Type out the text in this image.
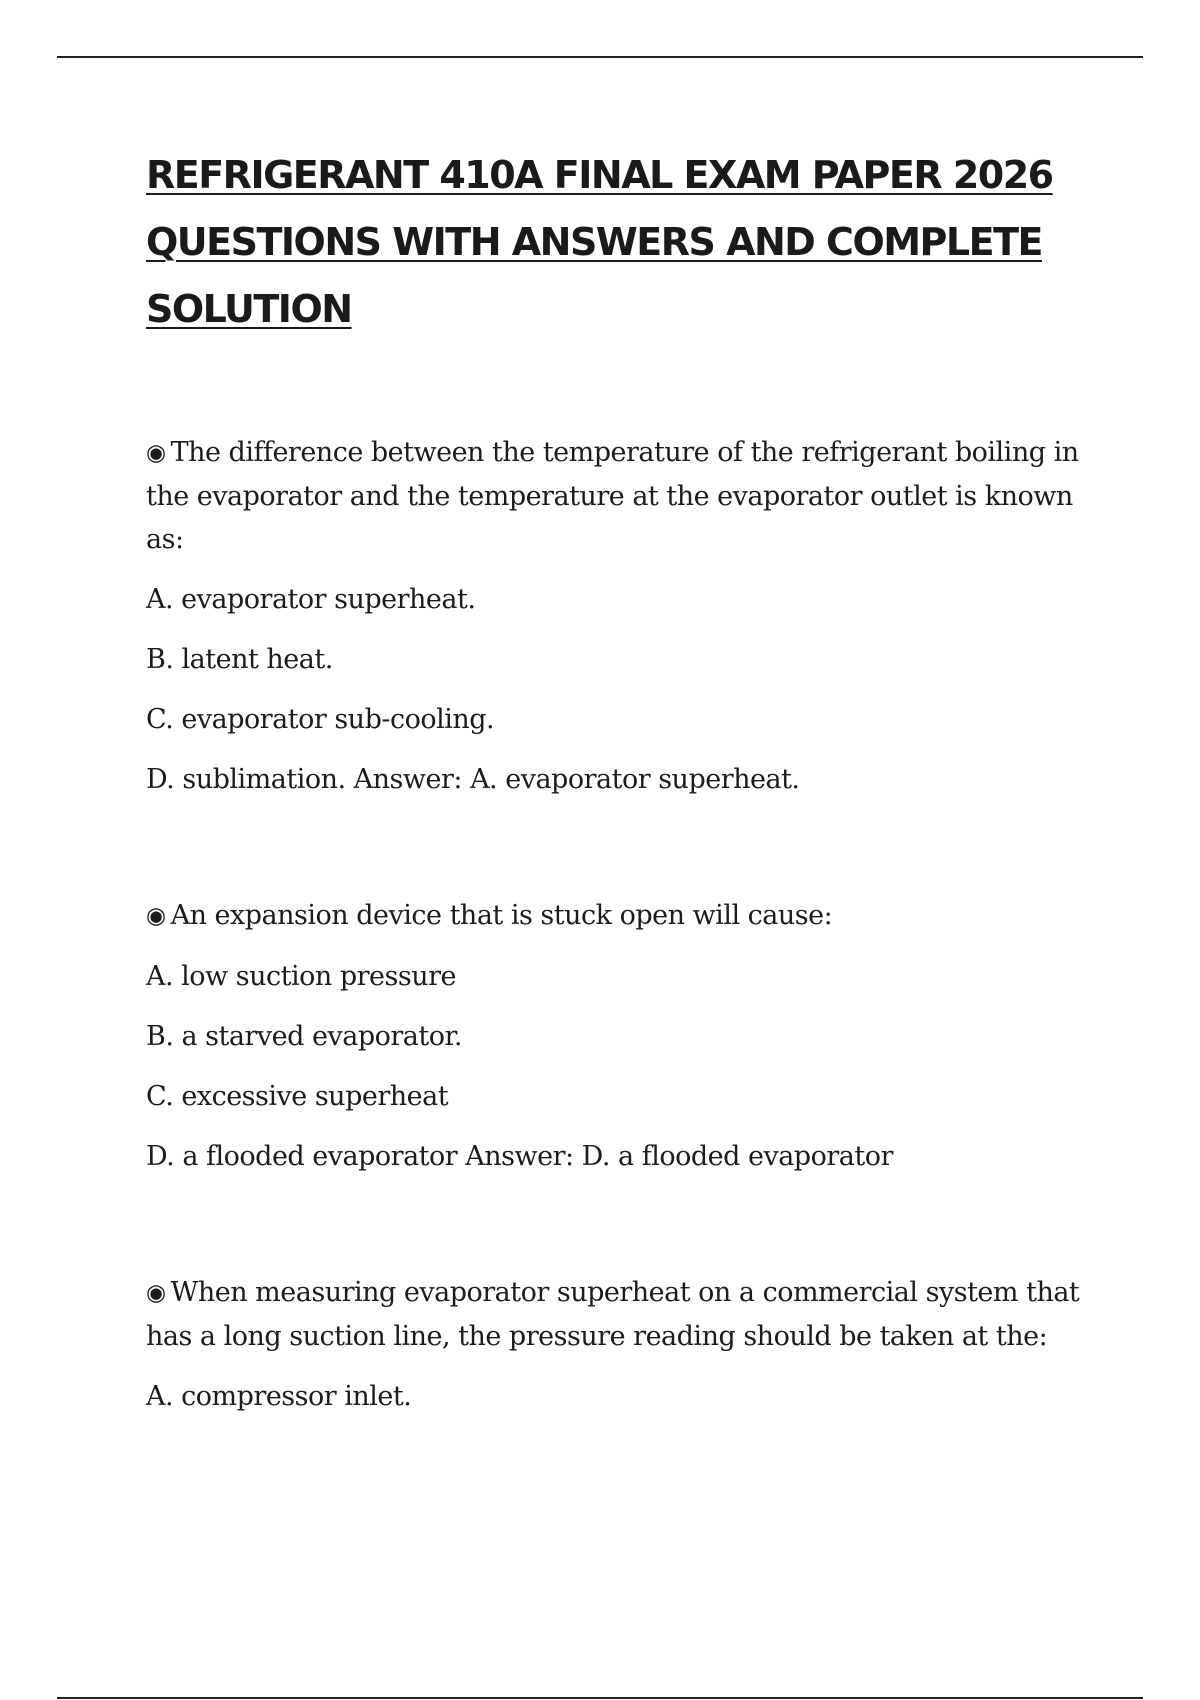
REFRIGERANT 410A FINAL EXAM PAPER 2026 QUESTIONS WITH ANSWERS AND COMPLETE SOLUTION

◉ The difference between the temperature of the refrigerant boiling in the evaporator and the temperature at the evaporator outlet is known as:

A. evaporator superheat.

B. latent heat.

C. evaporator sub-cooling.

D. sublimation. Answer: A. evaporator superheat.

◉ An expansion device that is stuck open will cause:

A. low suction pressure

B. a starved evaporator.

C. excessive superheat

D. a flooded evaporator Answer: D. a flooded evaporator

◉ When measuring evaporator superheat on a commercial system that has a long suction line, the pressure reading should be taken at the:

A. compressor inlet.
